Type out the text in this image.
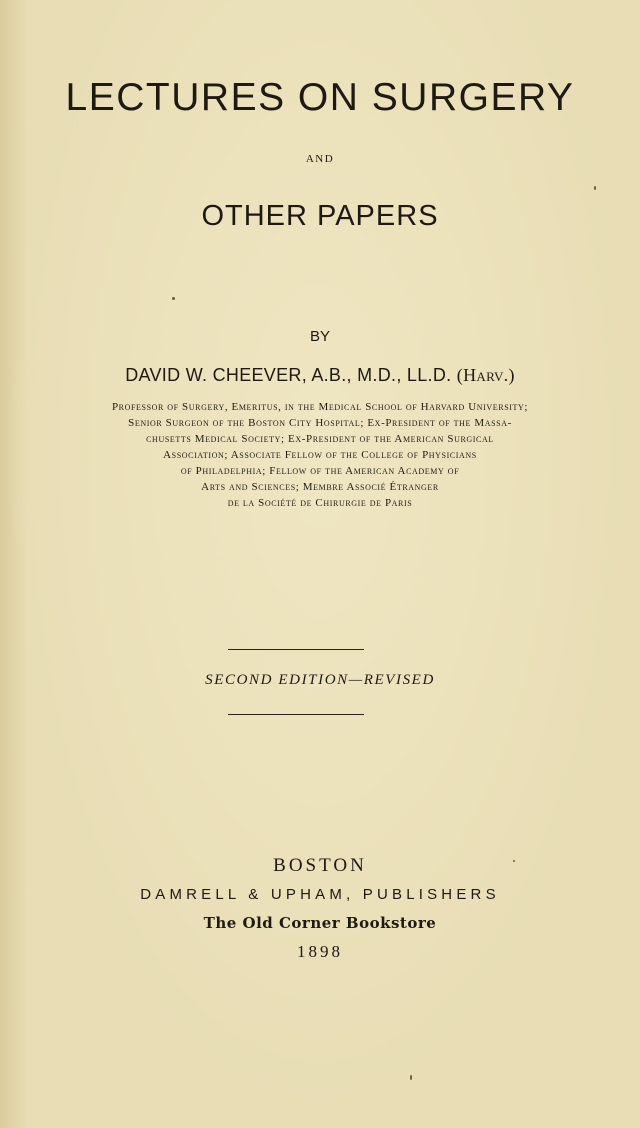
LECTURES ON SURGERY
AND
OTHER PAPERS
BY
DAVID W. CHEEVER, A.B., M.D., LL.D. (Harv.)
Professor of Surgery, Emeritus, in the Medical School of Harvard University;
Senior Surgeon of the Boston City Hospital; Ex-President of the Massa-
chusetts Medical Society; Ex-President of the American Surgical
Association; Associate Fellow of the College of Physicians
of Philadelphia; Fellow of the American Academy of
Arts and Sciences; Membre Associé Étranger
de la Société de Chirurgie de Paris
SECOND EDITION—REVISED
BOSTON
DAMRELL & UPHAM, PUBLISHERS
The Old Corner Bookstore
1898
